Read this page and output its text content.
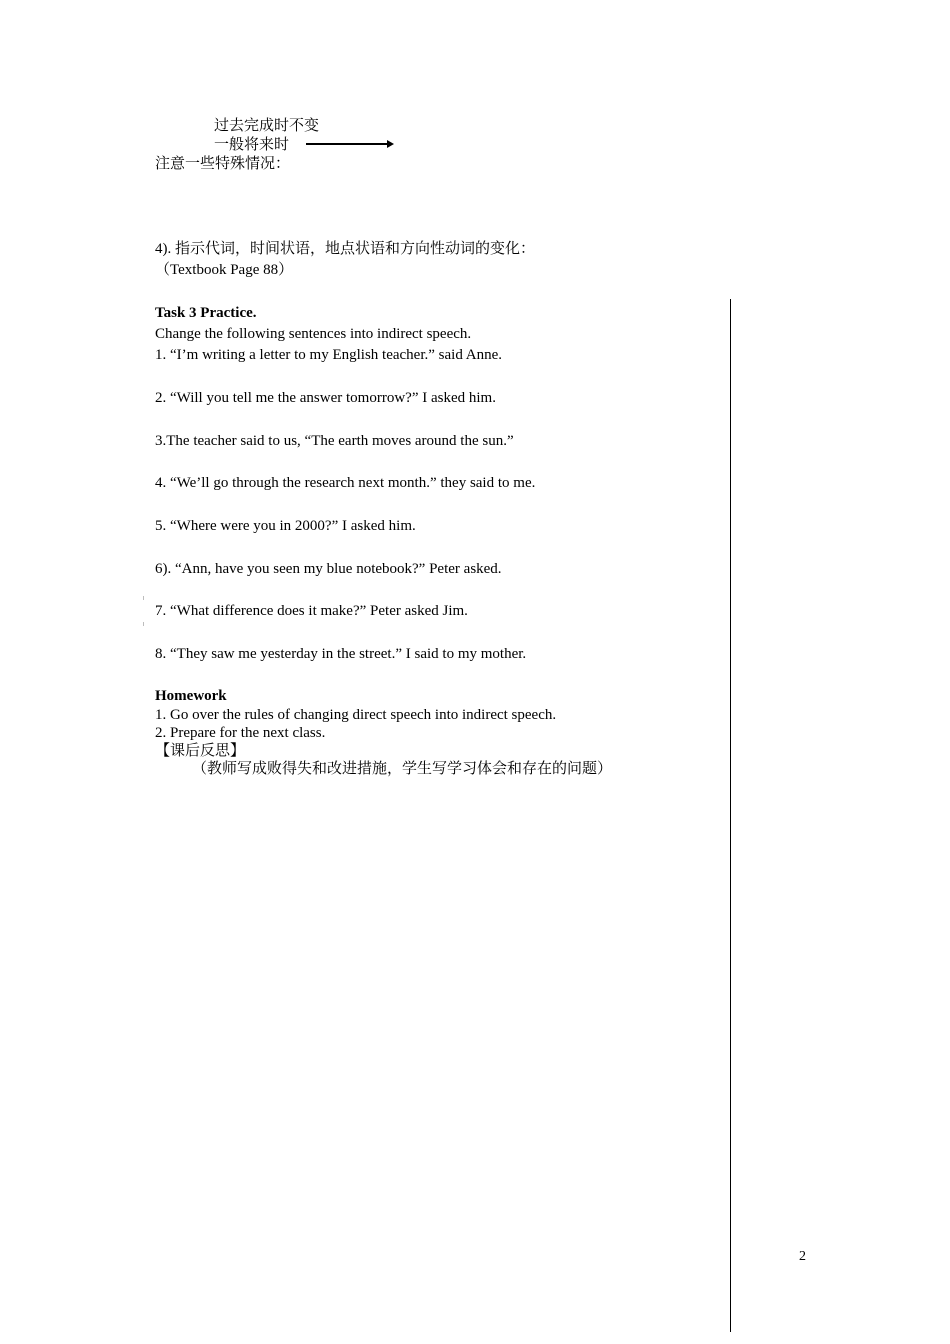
过去完成时不变
一般将来时
注意一些特殊情况：
4). 指示代词，时间状语，地点状语和方向性动词的变化：
（Textbook Page 88）
Task 3 Practice.
Change the following sentences into indirect speech.
1. “I’m writing a letter to my English teacher.” said Anne.
2. “Will you tell me the answer tomorrow?” I asked him.
3.The teacher said to us, “The earth moves around the sun.”
4. “We’ll go through the research next month.” they said to me.
5. “Where were you in 2000?” I asked him.
6). “Ann, have you seen my blue notebook?” Peter asked.
7. “What difference does it make?” Peter asked Jim.
8. “They saw me yesterday in the street.” I said to my mother.
Homework
1. Go over the rules of changing direct speech into indirect speech.
2. Prepare for the next class.
【课后反思】
（教师写成败得失和改进措施，学生写学习体会和存在的问题）
2
